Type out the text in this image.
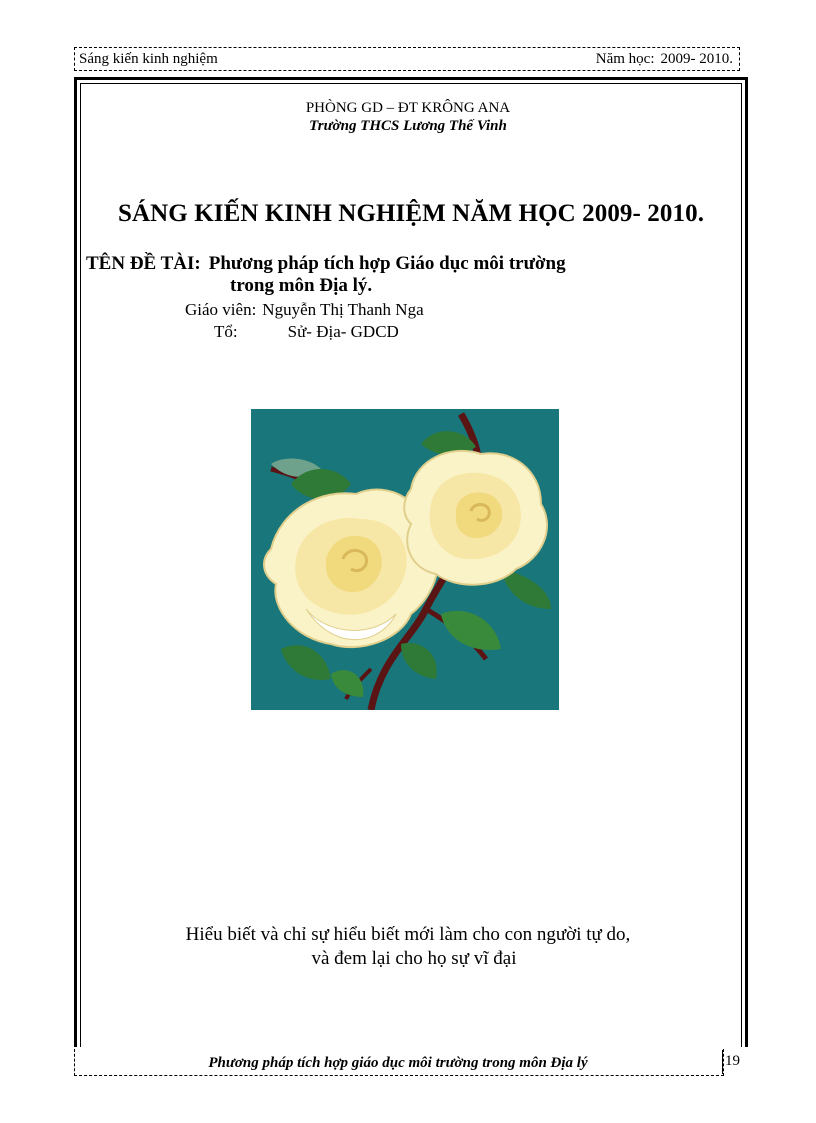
Sáng kiến kinh nghiệm	Năm học: 2009- 2010.
PHÒNG GD – ĐT KRÔNG ANA
Trường THCS Lương Thế Vinh
SÁNG KIẾN KINH NGHIỆM NĂM HỌC 2009- 2010.
TÊN ĐỀ TÀI: Phương pháp tích hợp Giáo dục môi trường
trong môn Địa lý.
Giáo viên: Nguyễn Thị Thanh Nga
Tổ:	Sử- Địa- GDCD
Hiểu biết và chỉ sự hiểu biết mới làm cho con người tự do,
và đem lại cho họ sự vĩ đại
Phương pháp tích hợp giáo dục môi trường trong môn Địa lý	19
